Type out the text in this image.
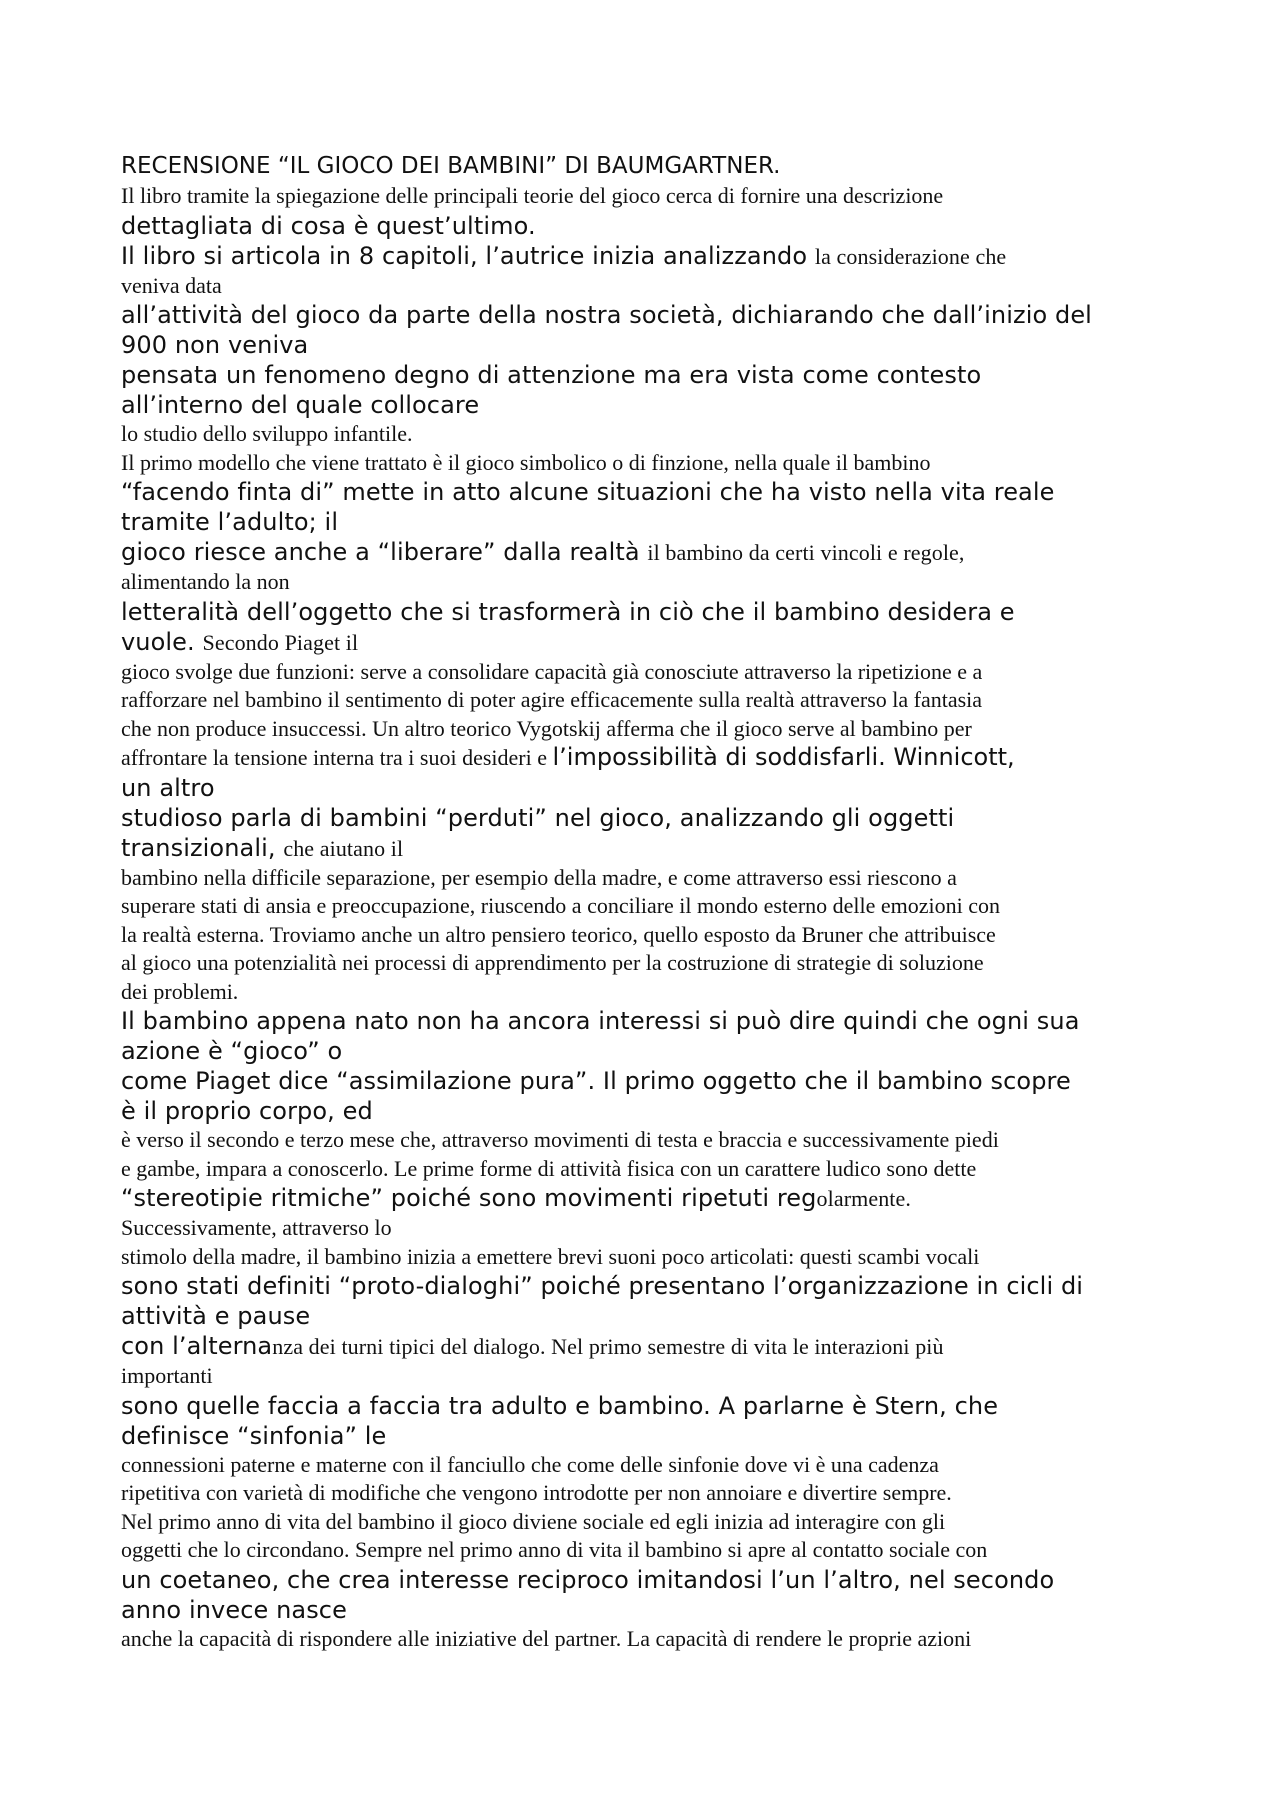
RECENSIONE “IL GIOCO DEI BAMBINI” DI BAUMGARTNER.
Il libro tramite la spiegazione delle principali teorie del gioco cerca di fornire una descrizione
dettagliata di cosa è quest’ultimo.
Il libro si articola in 8 capitoli, l’autrice inizia analizzando la considerazione che
veniva data
all’attività del gioco da parte della nostra società, dichiarando che dall’inizio del
900 non veniva
pensata un fenomeno degno di attenzione ma era vista come contesto
all’interno del quale collocare
lo studio dello sviluppo infantile.
Il primo modello che viene trattato è il gioco simbolico o di finzione, nella quale il bambino
“facendo finta di” mette in atto alcune situazioni che ha visto nella vita reale
tramite l’adulto; il
gioco riesce anche a “liberare” dalla realtà il bambino da certi vincoli e regole,
alimentando la non
letteralità dell’oggetto che si trasformerà in ciò che il bambino desidera e
vuole. Secondo Piaget il
gioco svolge due funzioni: serve a consolidare capacità già conosciute attraverso la ripetizione e a
rafforzare nel bambino il sentimento di poter agire efficacemente sulla realtà attraverso la fantasia
che non produce insuccessi. Un altro teorico Vygotskij afferma che il gioco serve al bambino per
affrontare la tensione interna tra i suoi desideri e l’impossibilità di soddisfarli. Winnicott,
un altro
studioso parla di bambini “perduti” nel gioco, analizzando gli oggetti
transizionali, che aiutano il
bambino nella difficile separazione, per esempio della madre, e come attraverso essi riescono a
superare stati di ansia e preoccupazione, riuscendo a conciliare il mondo esterno delle emozioni con
la realtà esterna. Troviamo anche un altro pensiero teorico, quello esposto da Bruner che attribuisce
al gioco una potenzialità nei processi di apprendimento per la costruzione di strategie di soluzione
dei problemi.
Il bambino appena nato non ha ancora interessi si può dire quindi che ogni sua
azione è “gioco” o
come Piaget dice “assimilazione pura”. Il primo oggetto che il bambino scopre
è il proprio corpo, ed
è verso il secondo e terzo mese che, attraverso movimenti di testa e braccia e successivamente piedi
e gambe, impara a conoscerlo. Le prime forme di attività fisica con un carattere ludico sono dette
“stereotipie ritmiche” poiché sono movimenti ripetuti regolarmente.
Successivamente, attraverso lo
stimolo della madre, il bambino inizia a emettere brevi suoni poco articolati: questi scambi vocali
sono stati definiti “proto-dialoghi” poiché presentano l’organizzazione in cicli di
attività e pause
con l’alternanza dei turni tipici del dialogo. Nel primo semestre di vita le interazioni più
importanti
sono quelle faccia a faccia tra adulto e bambino. A parlarne è Stern, che
definisce “sinfonia” le
connessioni paterne e materne con il fanciullo che come delle sinfonie dove vi è una cadenza
ripetitiva con varietà di modifiche che vengono introdotte per non annoiare e divertire sempre.
Nel primo anno di vita del bambino il gioco diviene sociale ed egli inizia ad interagire con gli
oggetti che lo circondano. Sempre nel primo anno di vita il bambino si apre al contatto sociale con
un coetaneo, che crea interesse reciproco imitandosi l’un l’altro, nel secondo
anno invece nasce
anche la capacità di rispondere alle iniziative del partner. La capacità di rendere le proprie azioni
